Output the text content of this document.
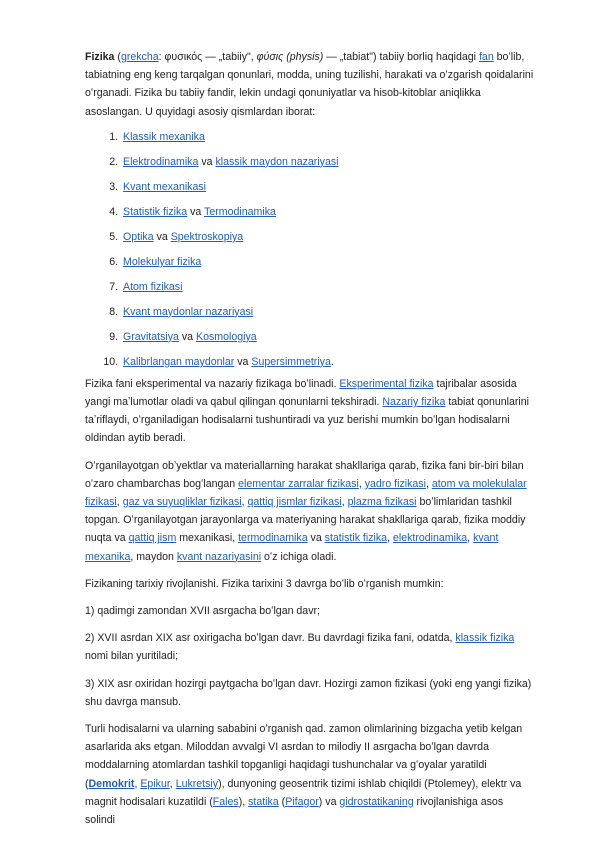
Fizika (grekcha: φυσικός — „tabiiy", φύσις (physis) — „tabiat") tabiiy borliq haqidagi fan boʻlib, tabiatning eng keng tarqalgan qonunlari, modda, uning tuzilishi, harakati va oʻzgarish qoidalarini oʻrganadi. Fizika bu tabiiy fandir, lekin undagi qonuniyatlar va hisob-kitoblar aniqlikka asoslangan. U quyidagi asosiy qismlardan iborat:

1. Klassik mexanika
2. Elektrodinamika va klassik maydon nazariyasi
3. Kvant mexanikasi
4. Statistik fizika va Termodinamika
5. Optika va Spektroskopiya
6. Molekulyar fizika
7. Atom fizikasi
8. Kvant maydonlar nazariyasi
9. Gravitatsiya va Kosmologiya
10. Kalibrlangan maydonlar va Supersimmetriya.

Fizika fani eksperimental va nazariy fizikaga boʻlinadi. Eksperimental fizika tajribalar asosida yangi maʼlumotlar oladi va qabul qilingan qonunlarni tekshiradi. Nazariy fizika tabiat qonunlarini taʼriflaydi, oʻrganiladigan hodisalarni tushuntiradi va yuz berishi mumkin boʻlgan hodisalarni oldindan aytib beradi.

Oʻrganilayotgan obʼyektlar va materiallarning harakat shakllariga qarab, fizika fani bir-biri bilan oʻzaro chambarchas bogʻlangan elementar zarralar fizikasi, yadro fizikasi, atom va molekulalar fizikasi, gaz va suyuqliklar fizikasi, qattiq jismlar fizikasi, plazma fizikasi boʻlimlaridan tashkil topgan. Oʻrganilayotgan jarayonlarga va materiyaning harakat shakllariga qarab, fizika moddiy nuqta va qattiq jism mexanikasi, termodinamika va statistik fizika, elektrodinamika, kvant mexanika, maydon kvant nazariyasini oʻz ichiga oladi.

Fizikaning tarixiy rivojlanishi. Fizika tarixini 3 davrga boʻlib oʻrganish mumkin:

1) qadimgi zamondan XVII asrgacha boʻlgan davr;

2) XVII asrdan XIX asr oxirigacha boʻlgan davr. Bu davrdagi fizika fani, odatda, klassik fizika nomi bilan yuritiladi;

3) XIX asr oxiridan hozirgi paytgacha boʻlgan davr. Hozirgi zamon fizikasi (yoki eng yangi fizika) shu davrga mansub.

Turli hodisalarni va ularning sababini oʻrganish qad. zamon olimlarining bizgacha yetib kelgan asarlarida aks etgan. Miloddan avvalgi VI asrdan to milodiy II asrgacha boʻlgan davrda moddalarning atomlardan tashkil topganligi haqidagi tushunchalar va gʻoyalar yaratildi (Demokrit, Epikur, Lukretsiy), dunyoning geosentrik tizimi ishlab chiqildi (Ptolemey), elektr va magnit hodisalari kuzatildi (Fales), statika (Pifagor) va gidrostatikaning rivojlanishiga asos solindi
